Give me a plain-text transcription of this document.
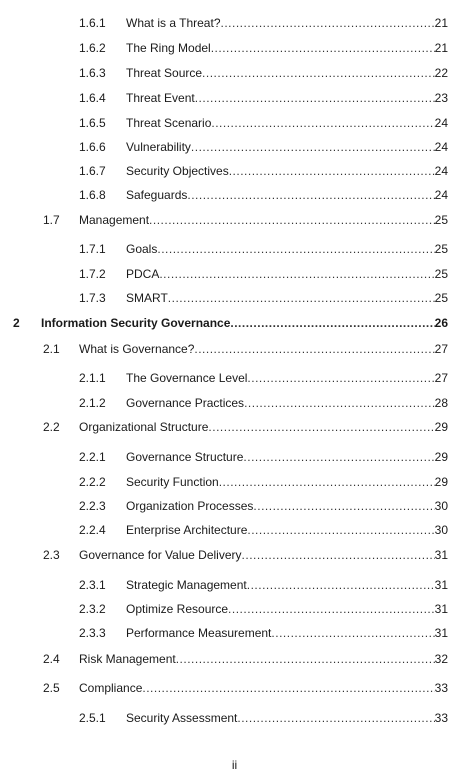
1.6.1 What is a Threat? .....	21
1.6.2 The Ring Model .....	21
1.6.3 Threat Source .....	22
1.6.4 Threat Event .....	23
1.6.5 Threat Scenario .....	24
1.6.6 Vulnerability .....	24
1.6.7 Security Objectives .....	24
1.6.8 Safeguards .....	24
1.7 Management .....	25
1.7.1 Goals .....	25
1.7.2 PDCA .....	25
1.7.3 SMART .....	25
2 Information Security Governance .....	26
2.1 What is Governance? .....	27
2.1.1 The Governance Level .....	27
2.1.2 Governance Practices .....	28
2.2 Organizational Structure .....	29
2.2.1 Governance Structure .....	29
2.2.2 Security Function .....	29
2.2.3 Organization Processes .....	30
2.2.4 Enterprise Architecture .....	30
2.3 Governance for Value Delivery .....	31
2.3.1 Strategic Management .....	31
2.3.2 Optimize Resource .....	31
2.3.3 Performance Measurement .....	31
2.4 Risk Management .....	32
2.5 Compliance .....	33
2.5.1 Security Assessment .....	33
ii
